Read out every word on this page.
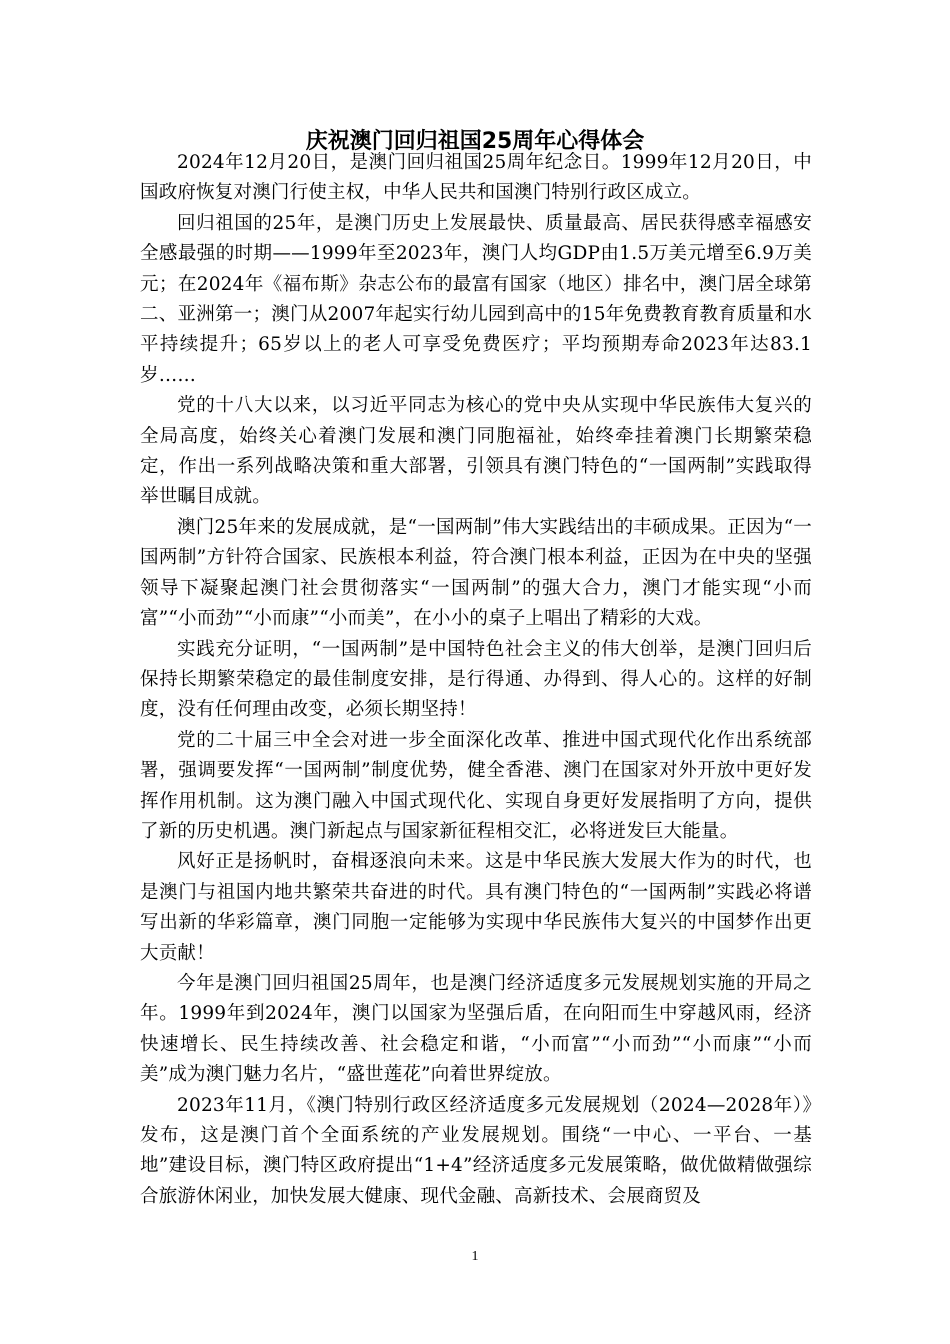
庆祝澳门回归祖国25周年心得体会

2024年12月20日，是澳门回归祖国25周年纪念日。1999年12月20日，中国政府恢复对澳门行使主权，中华人民共和国澳门特别行政区成立。

回归祖国的25年，是澳门历史上发展最快、质量最高、居民获得感幸福感安全感最强的时期——1999年至2023年，澳门人均GDP由1.5万美元增至6.9万美元；在2024年《福布斯》杂志公布的最富有国家（地区）排名中，澳门居全球第二、亚洲第一；澳门从2007年起实行幼儿园到高中的15年免费教育教育质量和水平持续提升；65岁以上的老人可享受免费医疗；平均预期寿命2023年达83.1岁……

党的十八大以来，以习近平同志为核心的党中央从实现中华民族伟大复兴的全局高度，始终关心着澳门发展和澳门同胞福祉，始终牵挂着澳门长期繁荣稳定，作出一系列战略决策和重大部署，引领具有澳门特色的“一国两制”实践取得举世瞩目成就。

澳门25年来的发展成就，是“一国两制”伟大实践结出的丰硕成果。正因为“一国两制”方针符合国家、民族根本利益，符合澳门根本利益，正因为在中央的坚强领导下凝聚起澳门社会贯彻落实“一国两制”的强大合力，澳门才能实现“小而富”“小而劲”“小而康”“小而美”，在小小的桌子上唱出了精彩的大戏。

实践充分证明，“一国两制”是中国特色社会主义的伟大创举，是澳门回归后保持长期繁荣稳定的最佳制度安排，是行得通、办得到、得人心的。这样的好制度，没有任何理由改变，必须长期坚持！

党的二十届三中全会对进一步全面深化改革、推进中国式现代化作出系统部署，强调要发挥“一国两制”制度优势，健全香港、澳门在国家对外开放中更好发挥作用机制。这为澳门融入中国式现代化、实现自身更好发展指明了方向，提供了新的历史机遇。澳门新起点与国家新征程相交汇，必将迸发巨大能量。

风好正是扬帆时，奋楫逐浪向未来。这是中华民族大发展大作为的时代，也是澳门与祖国内地共繁荣共奋进的时代。具有澳门特色的“一国两制”实践必将谱写出新的华彩篇章，澳门同胞一定能够为实现中华民族伟大复兴的中国梦作出更大贡献！

今年是澳门回归祖国25周年，也是澳门经济适度多元发展规划实施的开局之年。1999年到2024年，澳门以国家为坚强后盾，在向阳而生中穿越风雨，经济快速增长、民生持续改善、社会稳定和谐，“小而富”“小而劲”“小而康”“小而美”成为澳门魅力名片，“盛世莲花”向着世界绽放。

2023年11月，《澳门特别行政区经济适度多元发展规划（2024—2028年）》发布，这是澳门首个全面系统的产业发展规划。围绕“一中心、一平台、一基地”建设目标，澳门特区政府提出“1+4”经济适度多元发展策略，做优做精做强综合旅游休闲业，加快发展大健康、现代金融、高新技术、会展商贸及

1
